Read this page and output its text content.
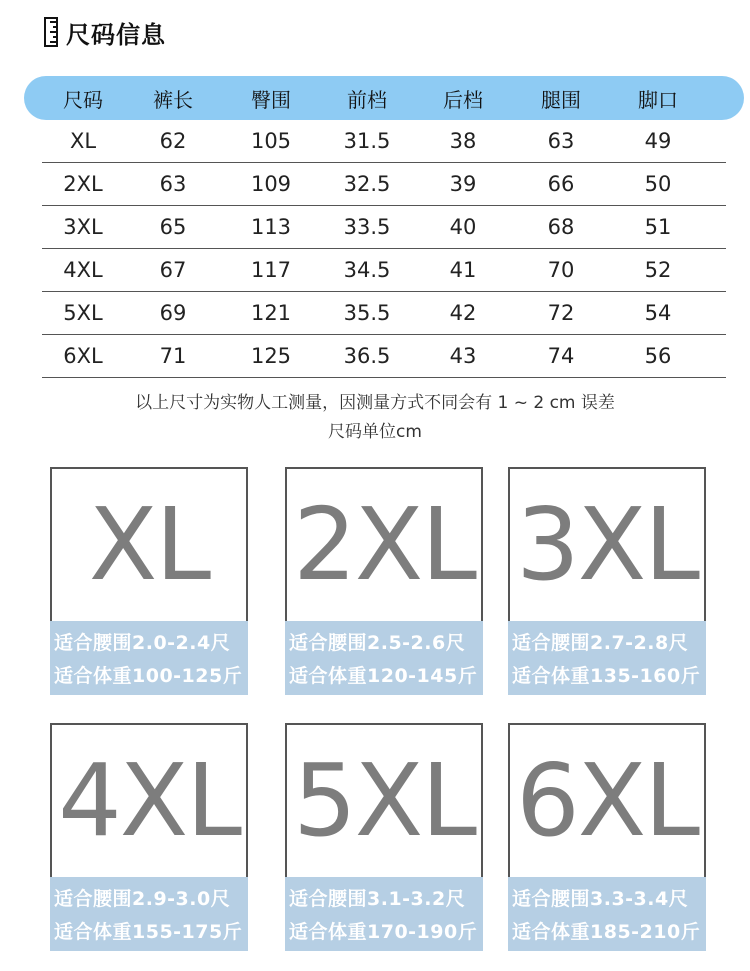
尺码信息
尺码	裤长	臀围	前档	后档	腿围	脚口
XL	62	105	31.5	38	63	49
2XL	63	109	32.5	39	66	50
3XL	65	113	33.5	40	68	51
4XL	67	117	34.5	41	70	52
5XL	69	121	35.5	42	72	54
6XL	71	125	36.5	43	74	56
以上尺寸为实物人工测量，因测量方式不同会有 1 ~ 2 cm 误差
尺码单位cm
XL
适合腰围2.0-2.4尺
适合体重100-125斤
2XL
适合腰围2.5-2.6尺
适合体重120-145斤
3XL
适合腰围2.7-2.8尺
适合体重135-160斤
4XL
适合腰围2.9-3.0尺
适合体重155-175斤
5XL
适合腰围3.1-3.2尺
适合体重170-190斤
6XL
适合腰围3.3-3.4尺
适合体重185-210斤
